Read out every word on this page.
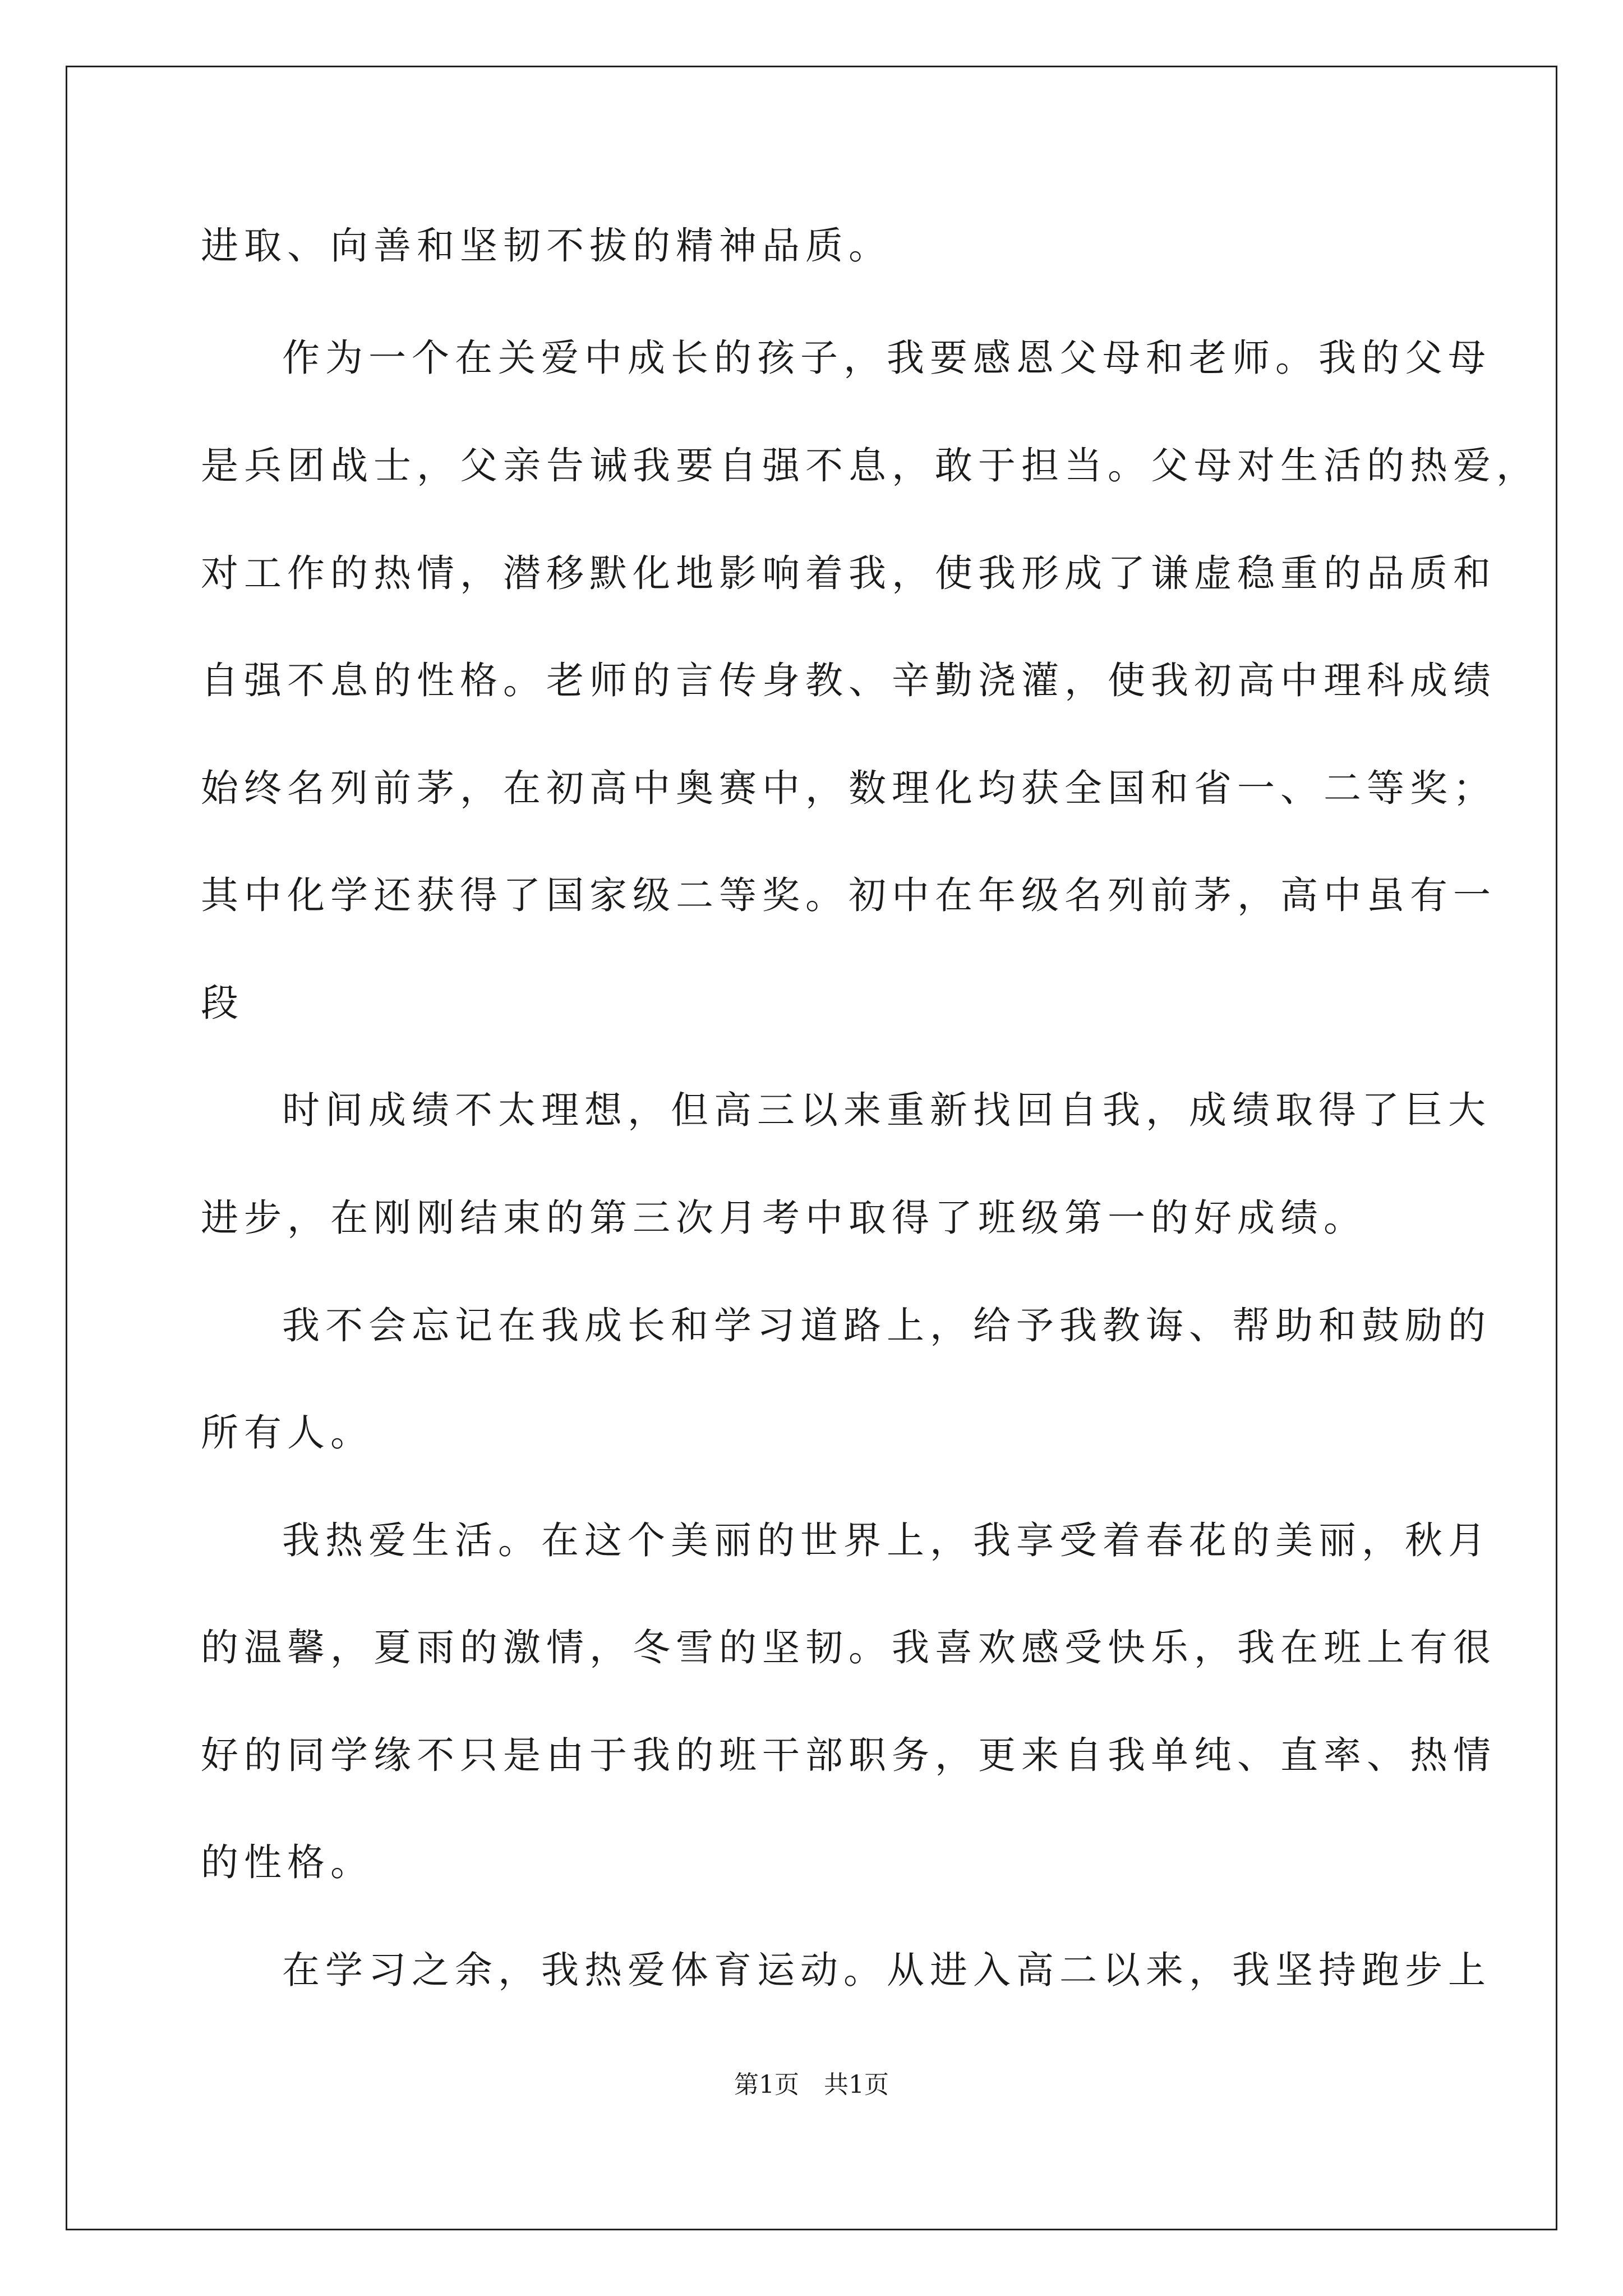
进取、向善和坚韧不拔的精神品质。
作为一个在关爱中成长的孩子，我要感恩父母和老师。我的父母
是兵团战士，父亲告诫我要自强不息，敢于担当。父母对生活的热爱，
对工作的热情，潜移默化地影响着我，使我形成了谦虚稳重的品质和
自强不息的性格。老师的言传身教、辛勤浇灌，使我初高中理科成绩
始终名列前茅，在初高中奥赛中，数理化均获全国和省一、二等奖；
其中化学还获得了国家级二等奖。初中在年级名列前茅，高中虽有一
段
时间成绩不太理想，但高三以来重新找回自我，成绩取得了巨大
进步，在刚刚结束的第三次月考中取得了班级第一的好成绩。
我不会忘记在我成长和学习道路上，给予我教诲、帮助和鼓励的
所有人。
我热爱生活。在这个美丽的世界上，我享受着春花的美丽，秋月
的温馨，夏雨的激情，冬雪的坚韧。我喜欢感受快乐，我在班上有很
好的同学缘不只是由于我的班干部职务，更来自我单纯、直率、热情
的性格。
在学习之余，我热爱体育运动。从进入高二以来，我坚持跑步上
第1页　共1页
